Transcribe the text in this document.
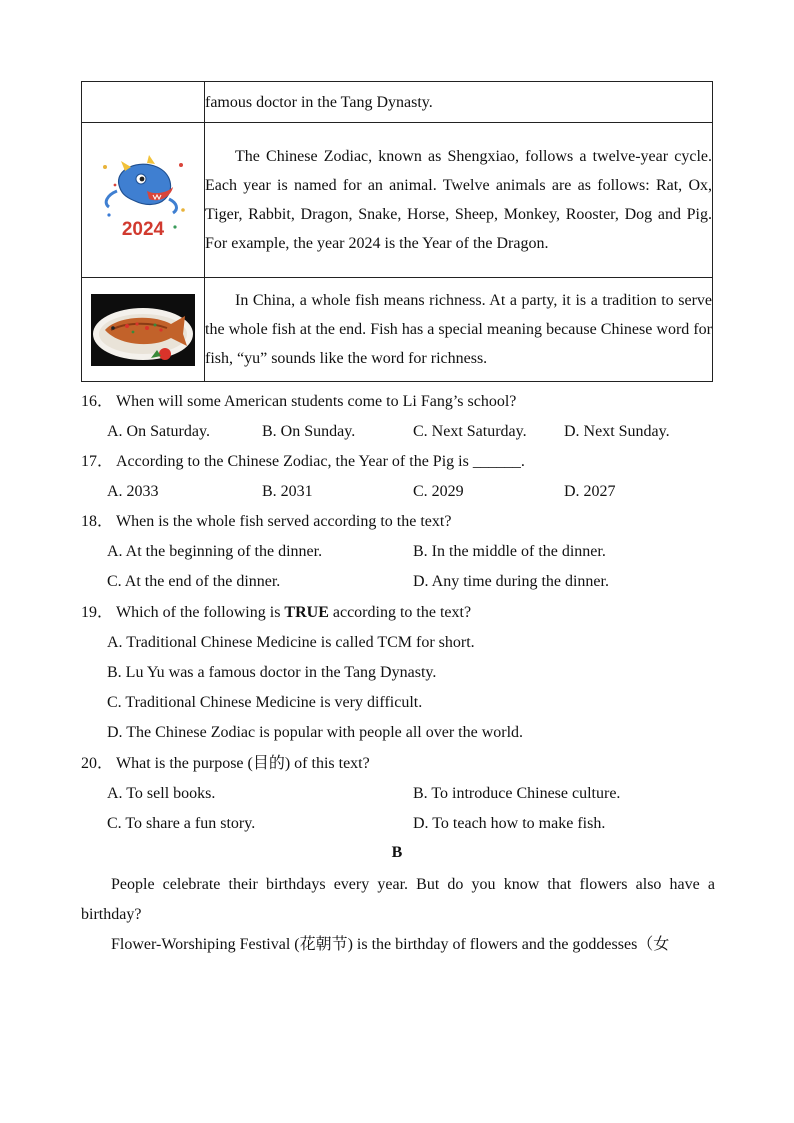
	famous doctor in the Tang Dynasty.

2024	The Chinese Zodiac, known as Shengxiao, follows a twelve-year cycle. Each year is named for an animal. Twelve animals are as follows: Rat, Ox, Tiger, Rabbit, Dragon, Snake, Horse, Sheep, Monkey, Rooster, Dog and Pig. For example, the year 2024 is the Year of the Dragon.

In China, a whole fish means richness. At a party, it is a tradition to serve the whole fish at the end. Fish has a special meaning because Chinese word for fish, “yu” sounds like the word for richness.

16． When will some American students come to Li Fang’s school?
A. On Saturday.	B. On Sunday.	C. Next Saturday. D. Next Sunday.
17． According to the Chinese Zodiac, the Year of the Pig is ______.
A. 2033	B. 2031	C. 2029	D. 2027
18． When is the whole fish served according to the text?
A. At the beginning of the dinner.	B. In the middle of the dinner.
C. At the end of the dinner.	D. Any time during the dinner.
19． Which of the following is TRUE according to the text?
A. Traditional Chinese Medicine is called TCM for short.
B. Lu Yu was a famous doctor in the Tang Dynasty.
C. Traditional Chinese Medicine is very difficult.
D. The Chinese Zodiac is popular with people all over the world.
20． What is the purpose (目的) of this text?
A. To sell books.	B. To introduce Chinese culture.
C. To share a fun story.	D. To teach how to make fish.
B

People celebrate their birthdays every year. But do you know that flowers also have a birthday?

Flower-Worshiping Festival (花朝节) is the birthday of flowers and the goddesses（女
